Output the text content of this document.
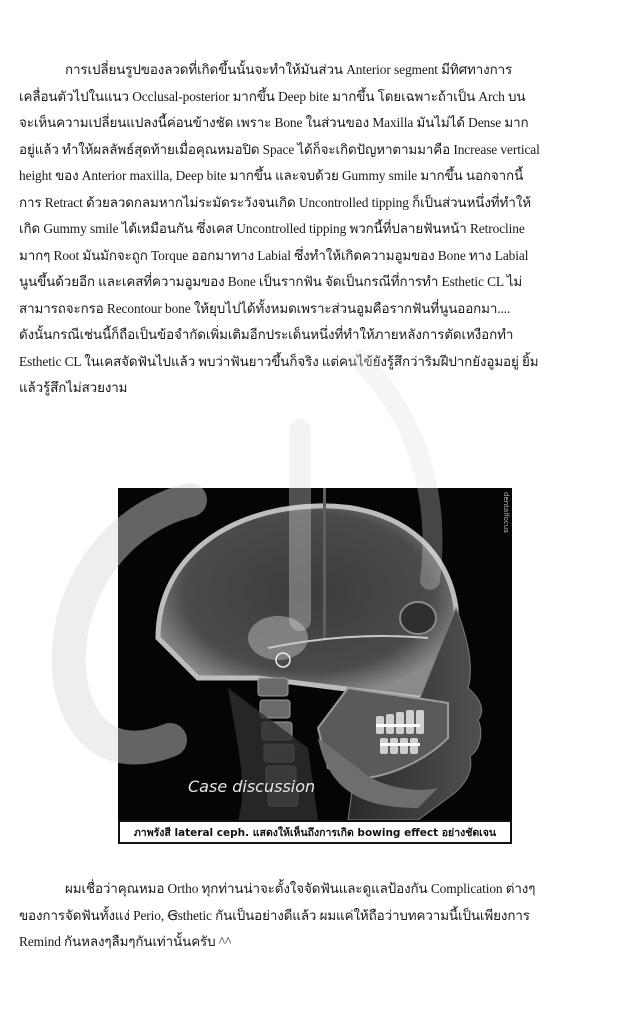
การเปลี่ยนรูปของลวดที่เกิดขึ้นนั้นจะทำให้มันส่วน Anterior segment มีทิศทางการ
เคลื่อนตัวไปในแนว Occlusal-posterior มากขึ้น Deep bite มากขึ้น โดยเฉพาะถ้าเป็น Arch บน
จะเห็นความเปลี่ยนแปลงนี้ค่อนข้างชัด เพราะ Bone ในส่วนของ Maxilla มันไม่ได้ Dense มาก
อยู่แล้ว ทำให้ผลลัพธ์สุดท้ายเมื่อคุณหมอปิด Space ได้ก็จะเกิดปัญหาตามมาคือ Increase vertical
height ของ Anterior maxilla, Deep bite มากขึ้น และจบด้วย Gummy smile มากขึ้น นอกจากนี้
การ Retract ด้วยลวดกลมหากไม่ระมัดระวังจนเกิด Uncontrolled tipping ก็เป็นส่วนหนึ่งที่ทำให้
เกิด Gummy smile ได้เหมือนกัน ซึ่งเคส Uncontrolled tipping พวกนี้ที่ปลายฟันหน้า Retrocline
มากๆ Root มันมักจะถูก Torque ออกมาทาง Labial ซึ่งทำให้เกิดความอูมของ Bone ทาง Labial
นูนขึ้นด้วยอีก และเคสที่ความอูมของ Bone เป็นรากฟัน จัดเป็นกรณีที่การทำ Esthetic CL ไม่
สามารถจะกรอ Recontour bone ให้ยุบไปได้ทั้งหมดเพราะส่วนอูมคือรากฟันที่นูนออกมา....
ดังนั้นกรณีเช่นนี้ก็ถือเป็นข้อจำกัดเพิ่มเติมอีกประเด็นหนึ่งที่ทำให้ภายหลังการตัดเหงือกทำ
Esthetic CL ในเคสจัดฟันไปแล้ว พบว่าฟันยาวขึ้นก็จริง แต่คนไข้ยังรู้สึกว่าริมฝีปากยังอูมอยู่ ยิ้ม
แล้วรู้สึกไม่สวยงาม
dentalfocus
Case discussion
ภาพรังสี lateral ceph. แสดงให้เห็นถึงการเกิด bowing effect อย่างชัดเจน
ผมเชื่อว่าคุณหมอ Ortho ทุกท่านน่าจะตั้งใจจัดฟันและดูแลป้องกัน Complication ต่างๆ
ของการจัดฟันทั้งแง่ Perio, Ꞡsthetic กันเป็นอย่างดีแล้ว ผมแค่ให้ถือว่าบทความนี้เป็นเพียงการ
Remind กันหลงๆลืมๆกันเท่านั้นครับ ^^
